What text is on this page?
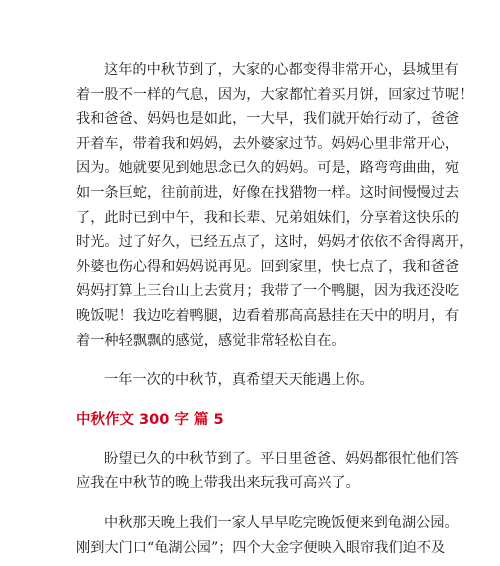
这年的中秋节到了，大家的心都变得非常开心，县城里有
着一股不一样的气息，因为，大家都忙着买月饼，回家过节呢！
我和爸爸、妈妈也是如此，一大早，我们就开始行动了，爸爸
开着车，带着我和妈妈，去外婆家过节。妈妈心里非常开心，
因为。她就要见到她思念已久的妈妈。可是，路弯弯曲曲，宛
如一条巨蛇，往前前进，好像在找猎物一样。这时间慢慢过去
了，此时已到中午，我和长辈、兄弟姐妹们，分享着这快乐的
时光。过了好久，已经五点了，这时，妈妈才依依不舍得离开，
外婆也伤心得和妈妈说再见。回到家里，快七点了，我和爸爸
妈妈打算上三台山上去赏月；我带了一个鸭腿，因为我还没吃
晚饭呢！我边吃着鸭腿，边看着那高高悬挂在天中的明月，有
着一种轻飘飘的感觉，感觉非常轻松自在。
一年一次的中秋节，真希望天天能遇上你。
中秋作文 300 字 篇 5
盼望已久的中秋节到了。平日里爸爸、妈妈都很忙他们答
应我在中秋节的晚上带我出来玩我可高兴了。
中秋那天晚上我们一家人早早吃完晚饭便来到龟湖公园。
刚到大门口“龟湖公园”；四个大金字便映入眼帘我们迫不及
